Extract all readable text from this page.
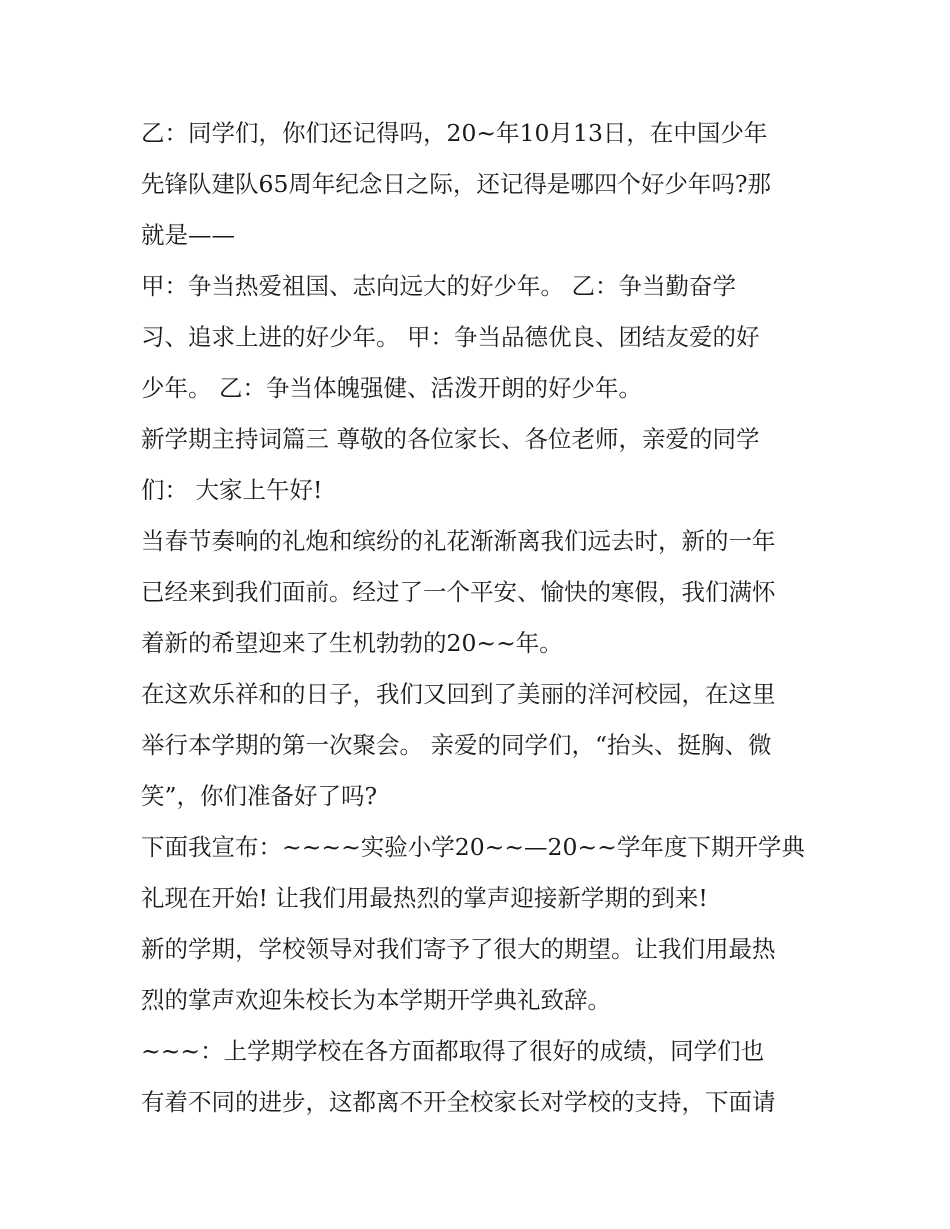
乙：同学们，你们还记得吗，20~年10月13日，在中国少年
先锋队建队65周年纪念日之际，还记得是哪四个好少年吗?那
就是——
甲：争当热爱祖国、志向远大的好少年。 乙：争当勤奋学
习、追求上进的好少年。 甲：争当品德优良、团结友爱的好
少年。 乙：争当体魄强健、活泼开朗的好少年。
新学期主持词篇三 尊敬的各位家长、各位老师，亲爱的同学
们： 大家上午好!
当春节奏响的礼炮和缤纷的礼花渐渐离我们远去时，新的一年
已经来到我们面前。经过了一个平安、愉快的寒假，我们满怀
着新的希望迎来了生机勃勃的20~~年。
在这欢乐祥和的日子，我们又回到了美丽的洋河校园，在这里
举行本学期的第一次聚会。 亲爱的同学们，“抬头、挺胸、微
笑”，你们准备好了吗?
下面我宣布：~~~~实验小学20~~—20~~学年度下期开学典
礼现在开始! 让我们用最热烈的掌声迎接新学期的到来!
新的学期，学校领导对我们寄予了很大的期望。让我们用最热
烈的掌声欢迎朱校长为本学期开学典礼致辞。
~~~：上学期学校在各方面都取得了很好的成绩，同学们也
有着不同的进步，这都离不开全校家长对学校的支持，下面请
